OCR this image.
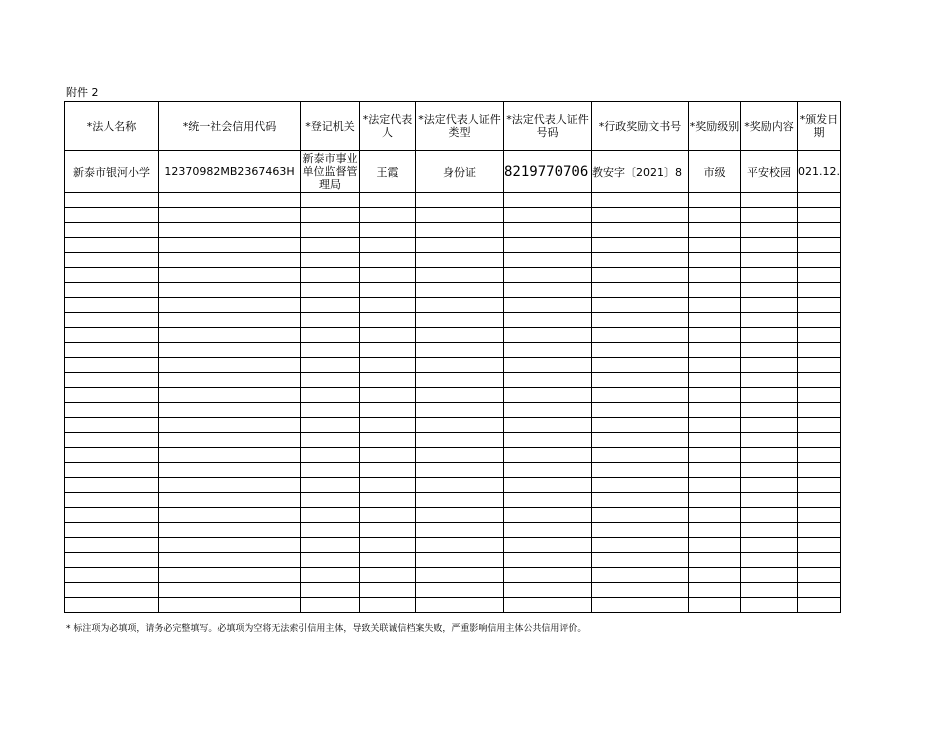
附件 2
*法人名称	*统一社会信用代码	*登记机关	*法定代表人	*法定代表人证件类型	*法定代表人证件号码	*行政奖励文书号	*奖励级别	*奖励内容	*颁发日期
新泰市银河小学	12370982MB2367463H	新泰市事业单位监督管理局	王霞	身份证	8219770706	教安字〔2021〕8	市级	平安校园	021.12.

* 标注项为必填项，请务必完整填写。必填项为空将无法索引信用主体，导致关联诚信档案失败，严重影响信用主体公共信用评价。
